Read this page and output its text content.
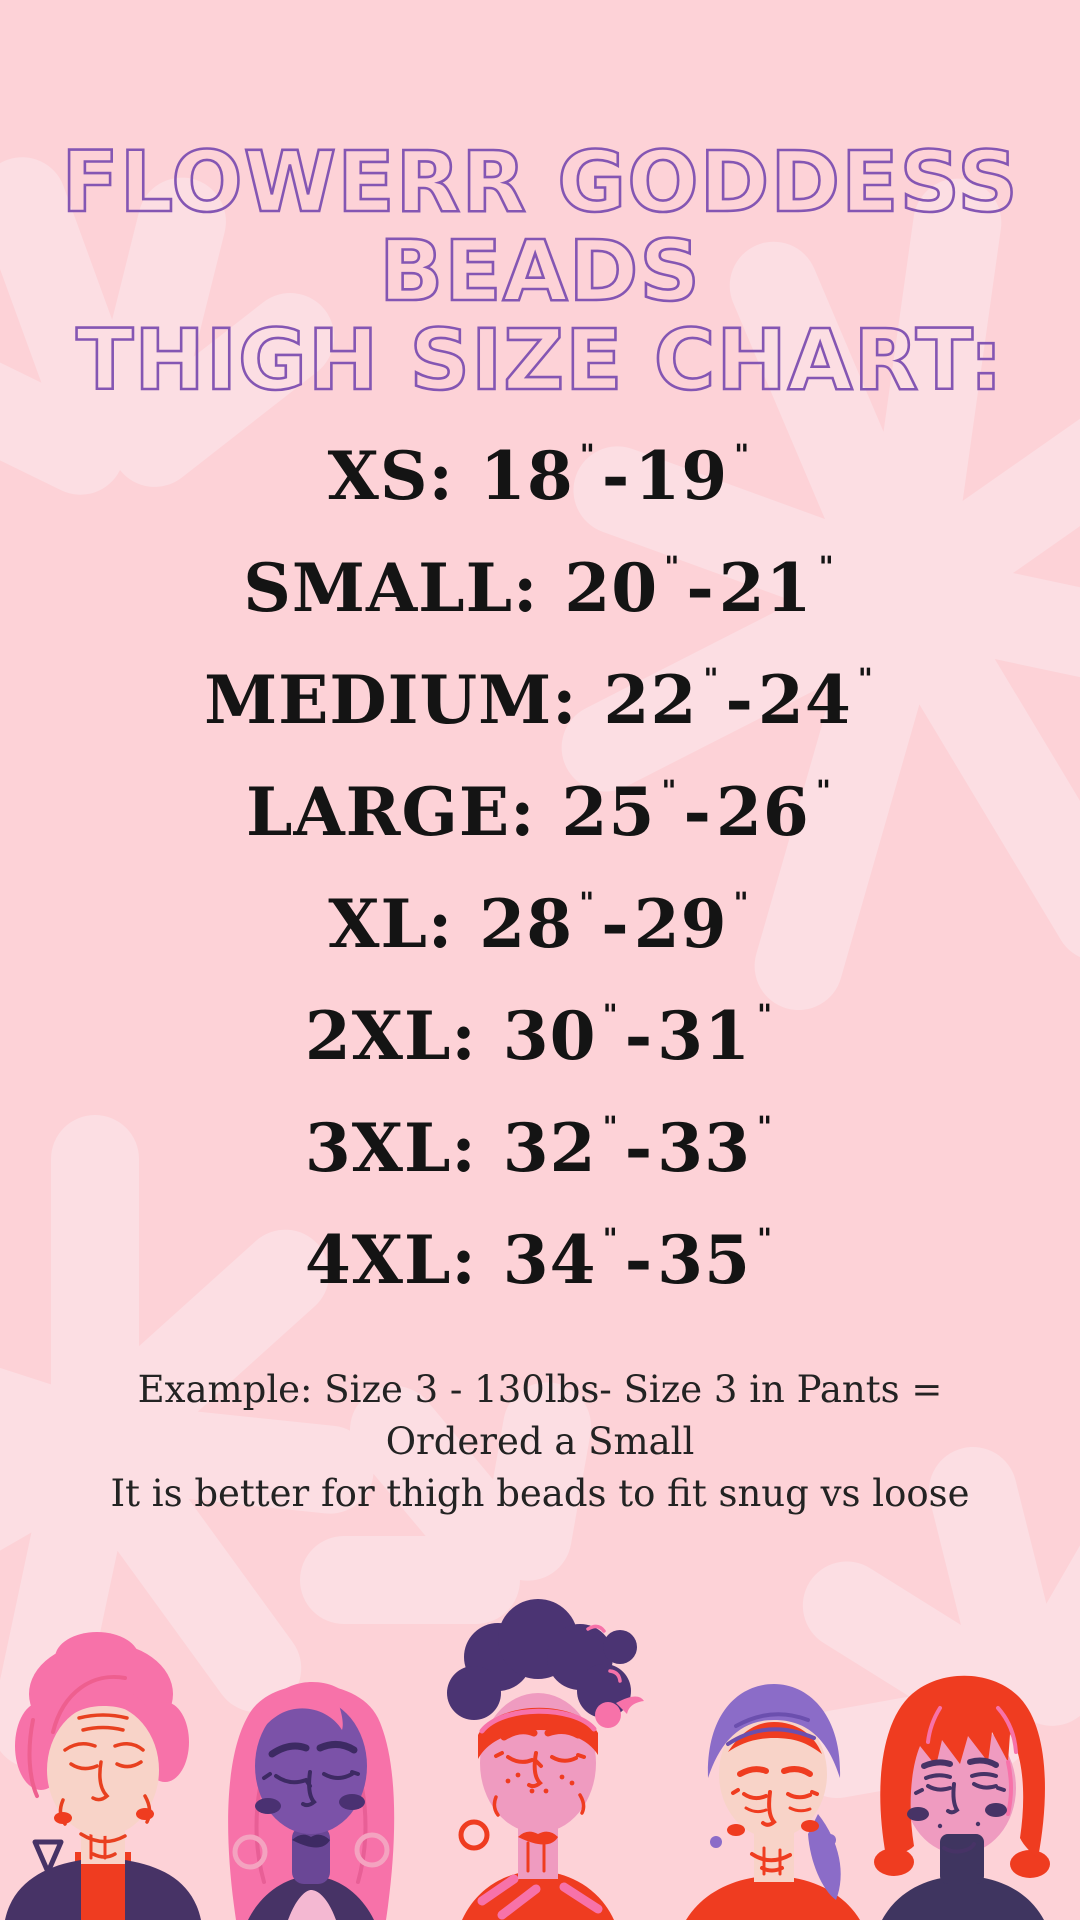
FLOWERR GODDESS
BEADS
THIGH SIZE CHART:
XS: 18 " - 19 "
SMALL: 20 " - 21 "
MEDIUM: 22 " - 24 "
LARGE: 25 " - 26 "
XL: 28 " - 29 "
2XL: 30 " - 31 "
3XL: 32 " - 33 "
4XL: 34 " - 35 "
Example: Size 3 - 130lbs- Size 3 in Pants =
Ordered a Small
It is better for thigh beads to fit snug vs loose
